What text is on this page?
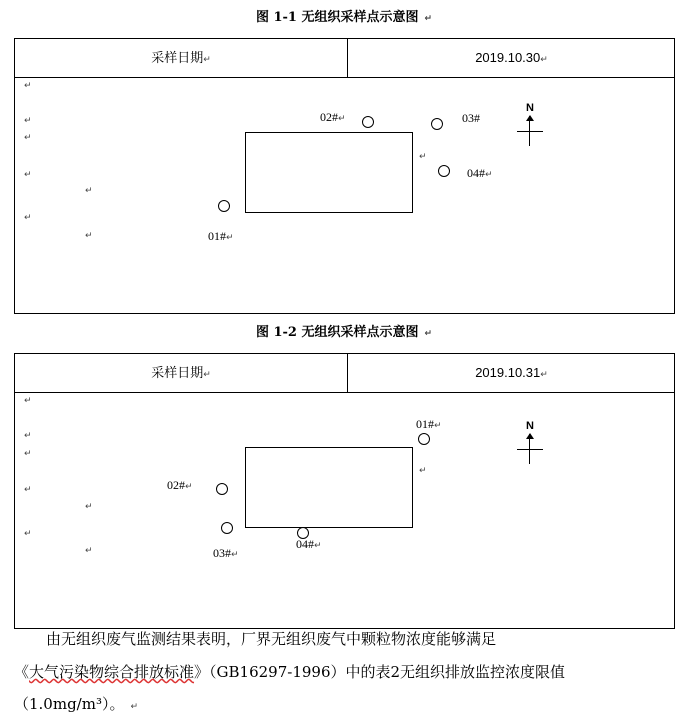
图 1-1 无组织采样点示意图 ↵
采样日期↵	2019.10.30↵
↵
↵
↵
↵
↵
↵
↵
↵
02#↵	03#
04#↵
01#↵
N
图 1-2 无组织采样点示意图 ↵
采样日期↵	2019.10.31↵
↵
↵
↵
↵
↵
↵
↵
↵
01#↵
02#↵
03#↵
04#↵
N
由无组织废气监测结果表明，厂界无组织废气中颗粒物浓度能够满足
《大气污染物综合排放标准》（GB16297-1996）中的表2无组织排放监控浓度限值
（1.0mg/m³）。 ↵
